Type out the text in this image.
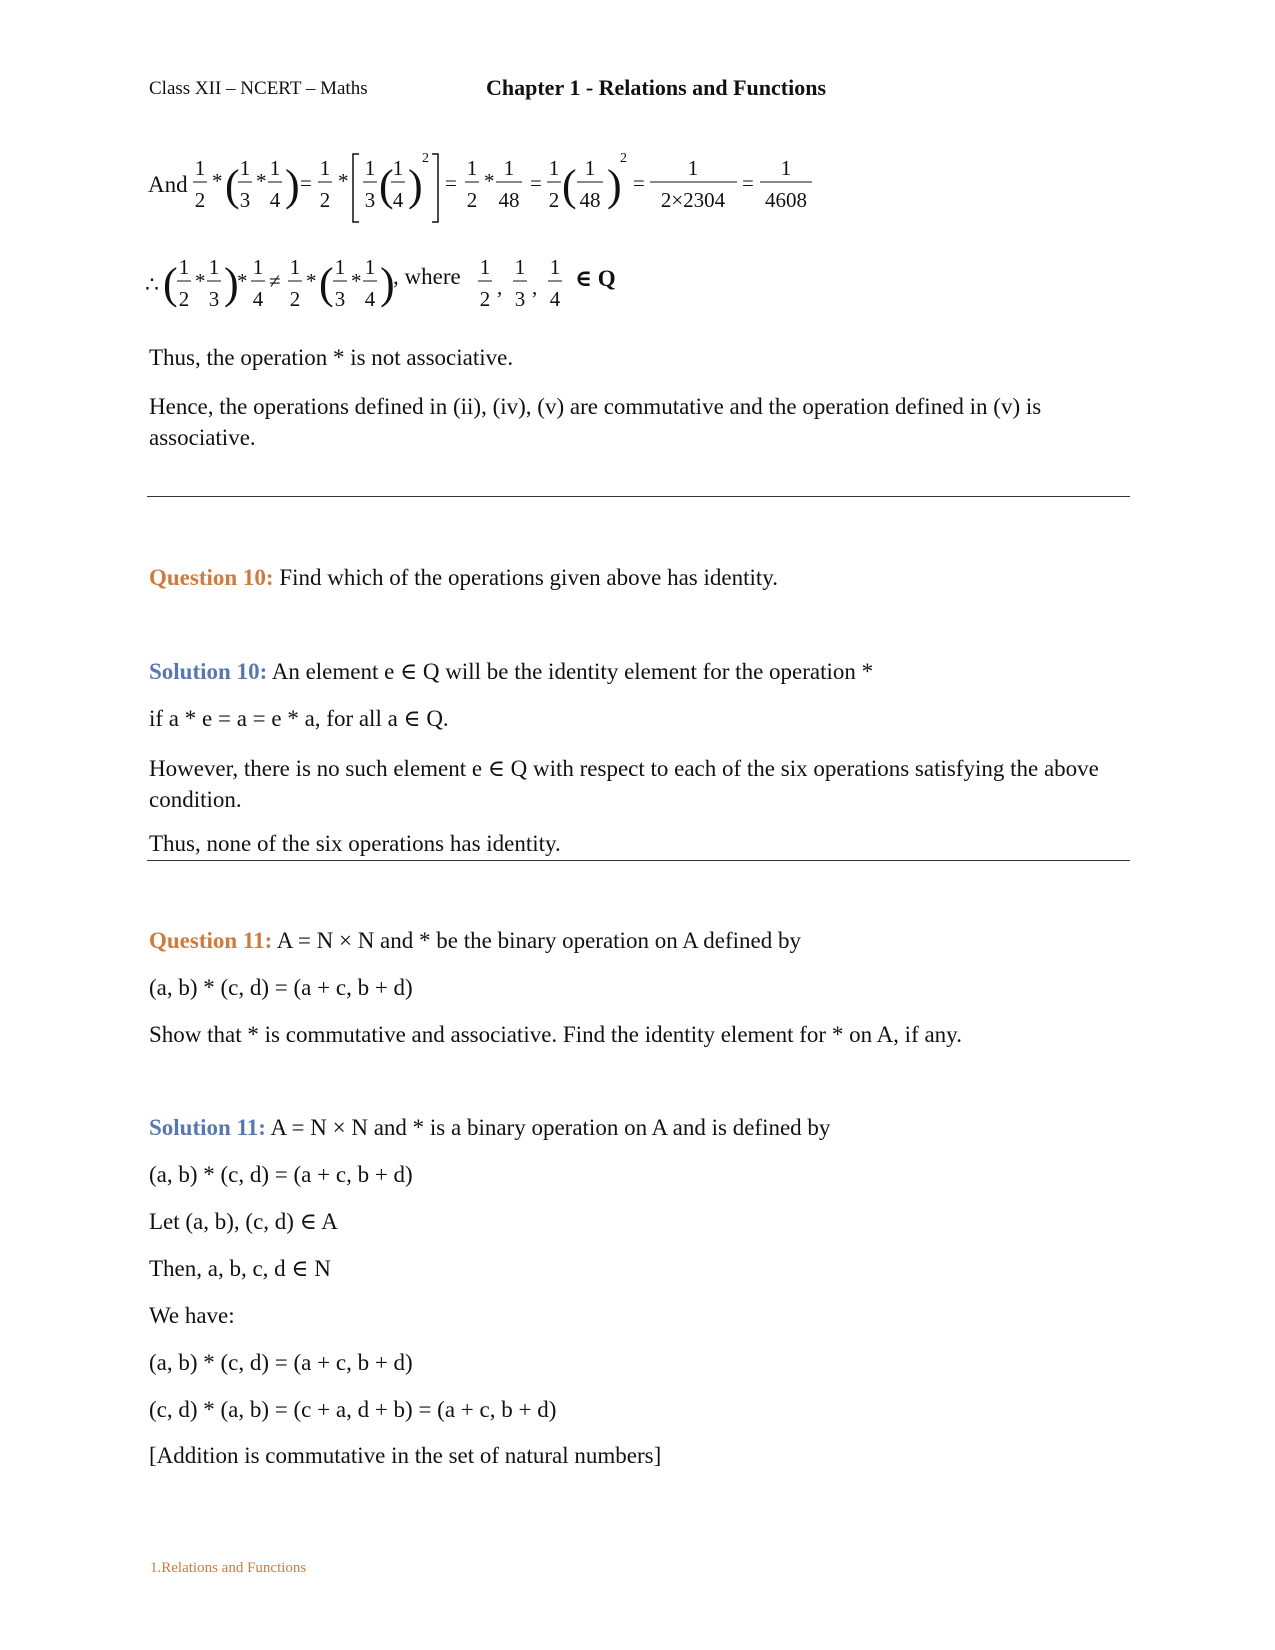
Class XII – NCERT – Maths	Chapter 1 - Relations and Functions
And
1
2
* ( 1
3
*
1
4 ) =
1
2
*
1
3 ( 1
4 )
2
=
1
2
*
1
48
=
1
2 ( 1
48 )
2
=
1
2×2304
=
1
4608
∴ ( 1
2
*
1
3 )
*
1
4
≠
1
2
* ( 1
3
*
1
4 )
, where 1
2 ,
1
3 ,
1
4
∈ Q
Thus, the operation * is not associative.
Hence, the operations defined in (ii), (iv), (v) are commutative and the operation defined in (v) is associative.
Question 10: Find which of the operations given above has identity.
Solution 10: An element e ∈ Q will be the identity element for the operation *
if a * e = a = e * a, for all a ∈ Q.
However, there is no such element e ∈ Q with respect to each of the six operations satisfying the above condition.
Thus, none of the six operations has identity.
Question 11: A = N × N and * be the binary operation on A defined by
(a, b) * (c, d) = (a + c, b + d)
Show that * is commutative and associative. Find the identity element for * on A, if any.
Solution 11: A = N × N and * is a binary operation on A and is defined by
(a, b) * (c, d) = (a + c, b + d)
Let (a, b), (c, d) ∈ A
Then, a, b, c, d ∈ N
We have:
(a, b) * (c, d) = (a + c, b + d)
(c, d) * (a, b) = (c + a, d + b) = (a + c, b + d)
[Addition is commutative in the set of natural numbers]
1.Relations and Functions
